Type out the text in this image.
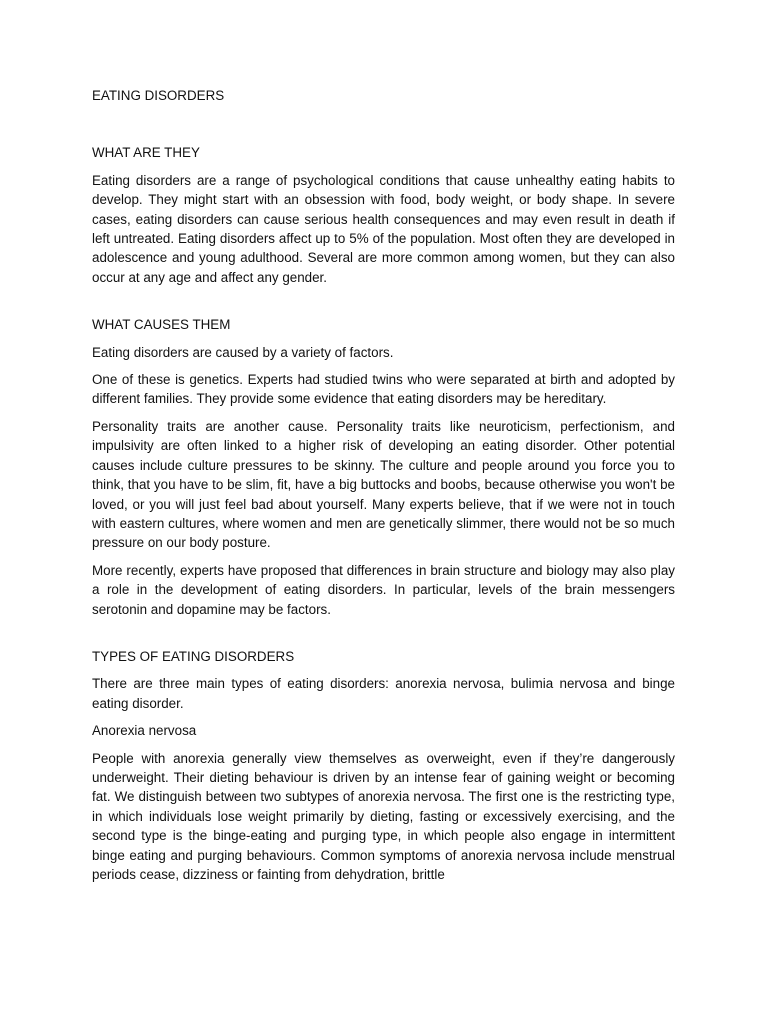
EATING DISORDERS

WHAT ARE THEY

Eating disorders are a range of psychological conditions that cause unhealthy eating habits to develop. They might start with an obsession with food, body weight, or body shape. In severe cases, eating disorders can cause serious health consequences and may even result in death if left untreated. Eating disorders affect up to 5% of the population. Most often they are developed in adolescence and young adulthood. Several are more common among women, but they can also occur at any age and affect any gender.

WHAT CAUSES THEM

Eating disorders are caused by a variety of factors.

One of these is genetics. Experts had studied twins who were separated at birth and adopted by different families. They provide some evidence that eating disorders may be hereditary.

Personality traits are another cause. Personality traits like neuroticism, perfectionism, and impulsivity are often linked to a higher risk of developing an eating disorder. Other potential causes include culture pressures to be skinny. The culture and people around you force you to think, that you have to be slim, fit, have a big buttocks and boobs, because otherwise you won't be loved, or you will just feel bad about yourself. Many experts believe, that if we were not in touch with eastern cultures, where women and men are genetically slimmer, there would not be so much pressure on our body posture.

More recently, experts have proposed that differences in brain structure and biology may also play a role in the development of eating disorders. In particular, levels of the brain messengers serotonin and dopamine may be factors.

TYPES OF EATING DISORDERS

There are three main types of eating disorders: anorexia nervosa, bulimia nervosa and binge eating disorder.

Anorexia nervosa

People with anorexia generally view themselves as overweight, even if they’re dangerously underweight. Their dieting behaviour is driven by an intense fear of gaining weight or becoming fat. We distinguish between two subtypes of anorexia nervosa. The first one is the restricting type, in which individuals lose weight primarily by dieting, fasting or excessively exercising, and the second type is the binge-eating and purging type, in which people also engage in intermittent binge eating and purging behaviours. Common symptoms of anorexia nervosa include menstrual periods cease, dizziness or fainting from dehydration, brittle
